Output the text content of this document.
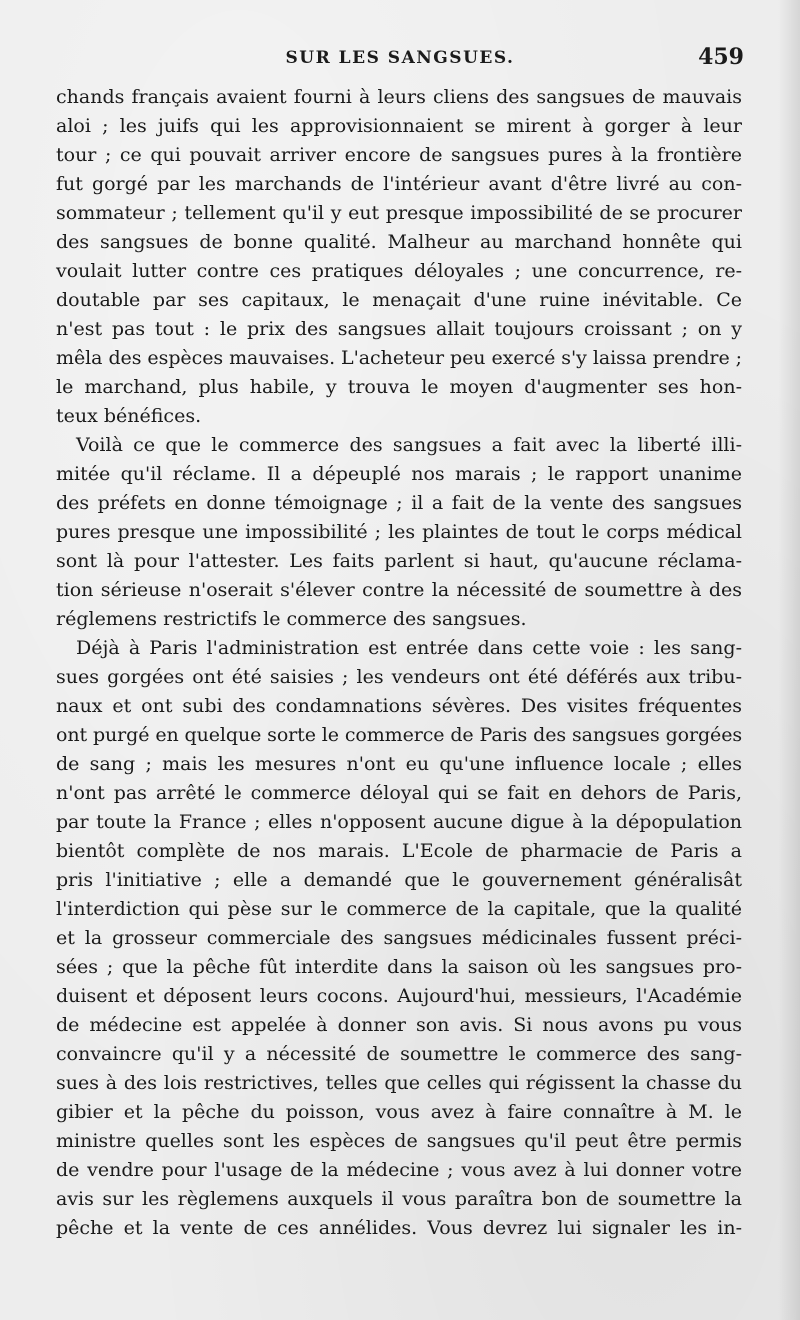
SUR LES SANGSUES.	459
chands français avaient fourni à leurs cliens des sangsues de mauvais
aloi ; les juifs qui les approvisionnaient se mirent à gorger à leur
tour ; ce qui pouvait arriver encore de sangsues pures à la frontière
fut gorgé par les marchands de l'intérieur avant d'être livré au con-
sommateur ; tellement qu'il y eut presque impossibilité de se procurer
des sangsues de bonne qualité. Malheur au marchand honnête qui
voulait lutter contre ces pratiques déloyales ; une concurrence, re-
doutable par ses capitaux, le menaçait d'une ruine inévitable. Ce
n'est pas tout : le prix des sangsues allait toujours croissant ; on y
mêla des espèces mauvaises. L'acheteur peu exercé s'y laissa prendre ;
le marchand, plus habile, y trouva le moyen d'augmenter ses hon-
teux bénéfices.
Voilà ce que le commerce des sangsues a fait avec la liberté illi-
mitée qu'il réclame. Il a dépeuplé nos marais ; le rapport unanime
des préfets en donne témoignage ; il a fait de la vente des sangsues
pures presque une impossibilité ; les plaintes de tout le corps médical
sont là pour l'attester. Les faits parlent si haut, qu'aucune réclama-
tion sérieuse n'oserait s'élever contre la nécessité de soumettre à des
réglemens restrictifs le commerce des sangsues.
Déjà à Paris l'administration est entrée dans cette voie : les sang-
sues gorgées ont été saisies ; les vendeurs ont été déférés aux tribu-
naux et ont subi des condamnations sévères. Des visites fréquentes
ont purgé en quelque sorte le commerce de Paris des sangsues gorgées
de sang ; mais les mesures n'ont eu qu'une influence locale ; elles
n'ont pas arrêté le commerce déloyal qui se fait en dehors de Paris,
par toute la France ; elles n'opposent aucune digue à la dépopulation
bientôt complète de nos marais. L'Ecole de pharmacie de Paris a
pris l'initiative ; elle a demandé que le gouvernement généralisât
l'interdiction qui pèse sur le commerce de la capitale, que la qualité
et la grosseur commerciale des sangsues médicinales fussent préci-
sées ; que la pêche fût interdite dans la saison où les sangsues pro-
duisent et déposent leurs cocons. Aujourd'hui, messieurs, l'Académie
de médecine est appelée à donner son avis. Si nous avons pu vous
convaincre qu'il y a nécessité de soumettre le commerce des sang-
sues à des lois restrictives, telles que celles qui régissent la chasse du
gibier et la pêche du poisson, vous avez à faire connaître à M. le
ministre quelles sont les espèces de sangsues qu'il peut être permis
de vendre pour l'usage de la médecine ; vous avez à lui donner votre
avis sur les règlemens auxquels il vous paraîtra bon de soumettre la
pêche et la vente de ces annélides. Vous devrez lui signaler les in-
